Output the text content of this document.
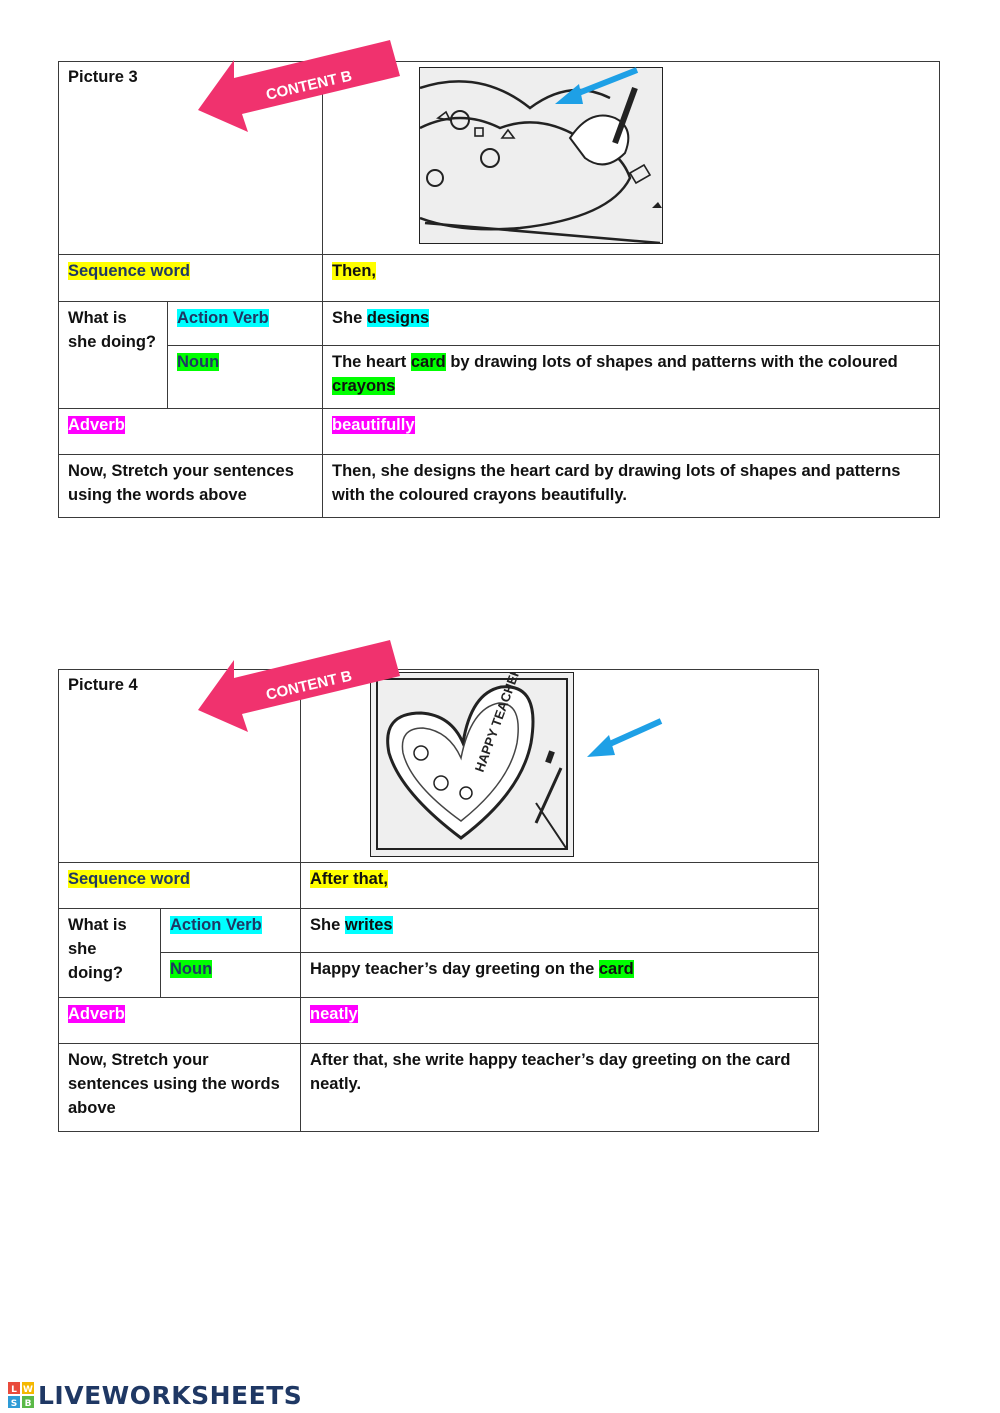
Picture 3	

Sequence word		Then,
What is she doing?	Action Verb	She designs
	Noun	The heart card by drawing lots of shapes and patterns with the coloured crayons
Adverb		beautifully
Now, Stretch your sentences using the words above		Then, she designs the heart card by drawing lots of shapes and patterns with the coloured crayons beautifully.
CONTENT B
Picture 4		HAPPY TEACHER'S

Sequence word		After that,
What is she doing?	Action Verb	She writes
	Noun	Happy teacher’s day greeting on the card
Adverb		neatly
Now, Stretch your sentences using the words above		After that, she write happy teacher’s day greeting on the card neatly.
CONTENT B
L W
S B LIVEWORKSHEETS
